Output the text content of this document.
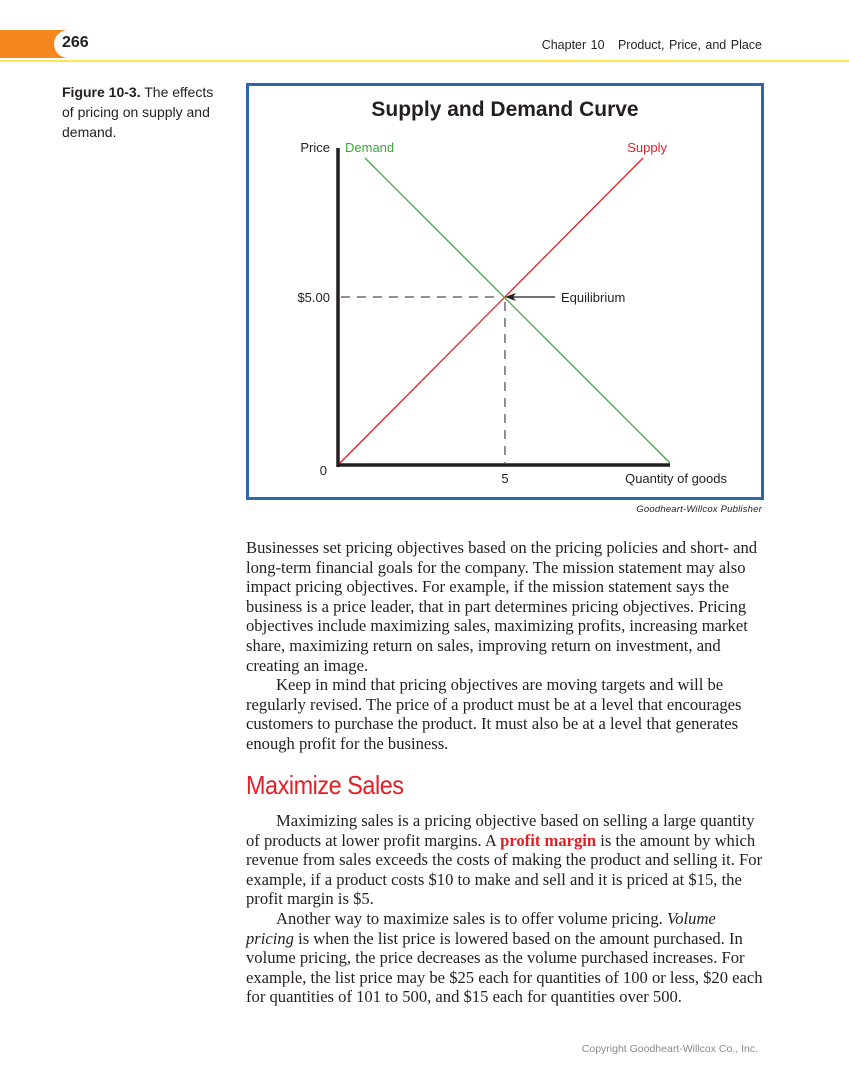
266	Chapter 10   Product, Price, and Place
Figure 10-3. The effects of pricing on supply and demand.
Supply and Demand Curve
Price Demand	Supply
$5.00	Equilibrium
0
5	Quantity of goods
Goodheart-Willcox Publisher

Businesses set pricing objectives based on the pricing policies and short- and long-term financial goals for the company. The mission statement may also impact pricing objectives. For example, if the mission statement says the business is a price leader, that in part determines pricing objectives. Pricing objectives include maximizing sales, maximizing profits, increasing market share, maximizing return on sales, improving return on investment, and creating an image.

Keep in mind that pricing objectives are moving targets and will be regularly revised. The price of a product must be at a level that encourages customers to purchase the product. It must also be at a level that generates enough profit for the business.

Maximize Sales

Maximizing sales is a pricing objective based on selling a large quantity of products at lower profit margins. A profit margin is the amount by which revenue from sales exceeds the costs of making the product and selling it. For example, if a product costs $10 to make and sell and it is priced at $15, the profit margin is $5.

Another way to maximize sales is to offer volume pricing. Volume pricing is when the list price is lowered based on the amount purchased. In volume pricing, the price decreases as the volume purchased increases. For example, the list price may be $25 each for quantities of 100 or less, $20 each for quantities of 101 to 500, and $15 each for quantities over 500.

Copyright Goodheart-Willcox Co., Inc.
